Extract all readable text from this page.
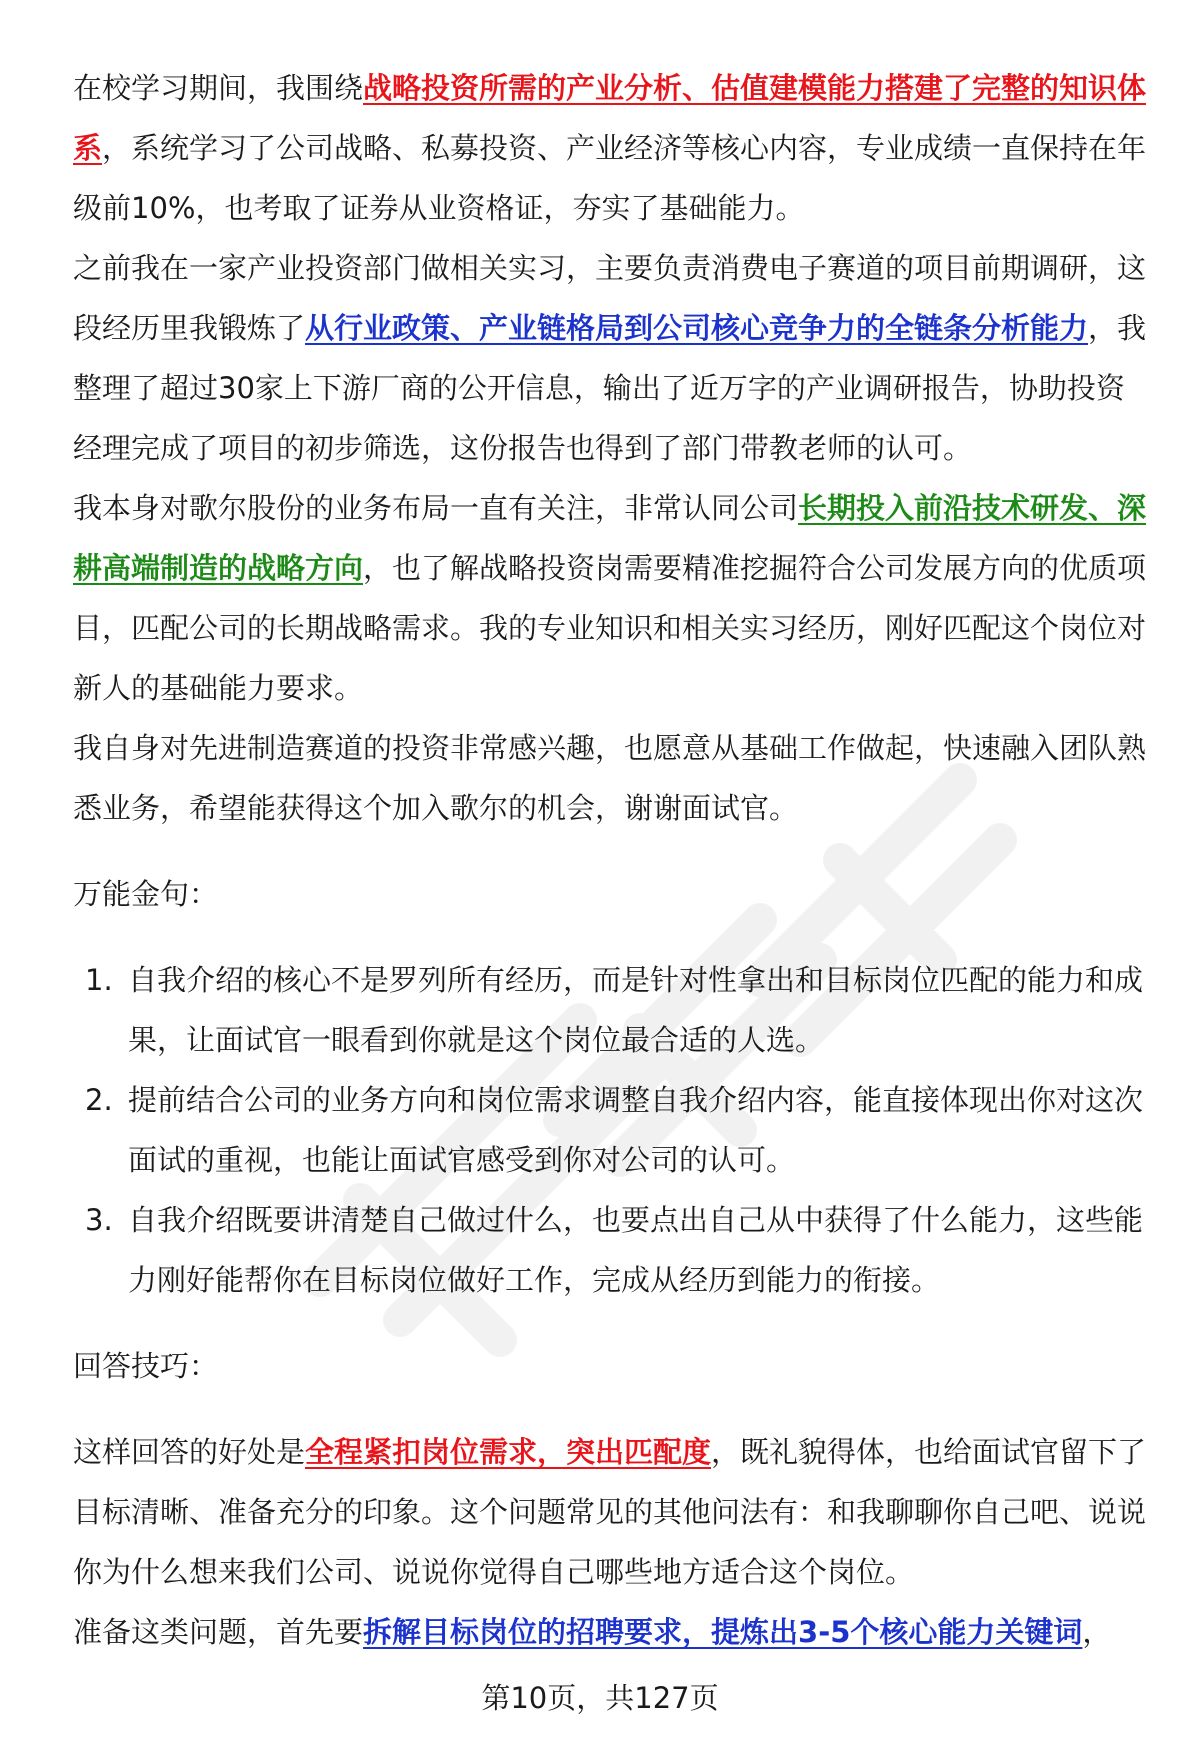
在校学习期间，我围绕战略投资所需的产业分析、估值建模能力搭建了完整的知识体系，系统学习了公司战略、私募投资、产业经济等核心内容，专业成绩一直保持在年级前10%，也考取了证券从业资格证，夯实了基础能力。

之前我在一家产业投资部门做相关实习，主要负责消费电子赛道的项目前期调研，这段经历里我锻炼了从行业政策、产业链格局到公司核心竞争力的全链条分析能力，我整理了超过30家上下游厂商的公开信息，输出了近万字的产业调研报告，协助投资经理完成了项目的初步筛选，这份报告也得到了部门带教老师的认可。

我本身对歌尔股份的业务布局一直有关注，非常认同公司长期投入前沿技术研发、深耕高端制造的战略方向，也了解战略投资岗需要精准挖掘符合公司发展方向的优质项目，匹配公司的长期战略需求。我的专业知识和相关实习经历，刚好匹配这个岗位对新人的基础能力要求。

我自身对先进制造赛道的投资非常感兴趣，也愿意从基础工作做起，快速融入团队熟悉业务，希望能获得这个加入歌尔的机会，谢谢面试官。

万能金句：

1. 自我介绍的核心不是罗列所有经历，而是针对性拿出和目标岗位匹配的能力和成果，让面试官一眼看到你就是这个岗位最合适的人选。
2. 提前结合公司的业务方向和岗位需求调整自我介绍内容，能直接体现出你对这次面试的重视，也能让面试官感受到你对公司的认可。
3. 自我介绍既要讲清楚自己做过什么，也要点出自己从中获得了什么能力，这些能力刚好能帮你在目标岗位做好工作，完成从经历到能力的衔接。

回答技巧：

这样回答的好处是全程紧扣岗位需求，突出匹配度，既礼貌得体，也给面试官留下了目标清晰、准备充分的印象。这个问题常见的其他问法有：和我聊聊你自己吧、说说你为什么想来我们公司、说说你觉得自己哪些地方适合这个岗位。

准备这类问题，首先要拆解目标岗位的招聘要求，提炼出3-5个核心能力关键词，

第10页，共127页
